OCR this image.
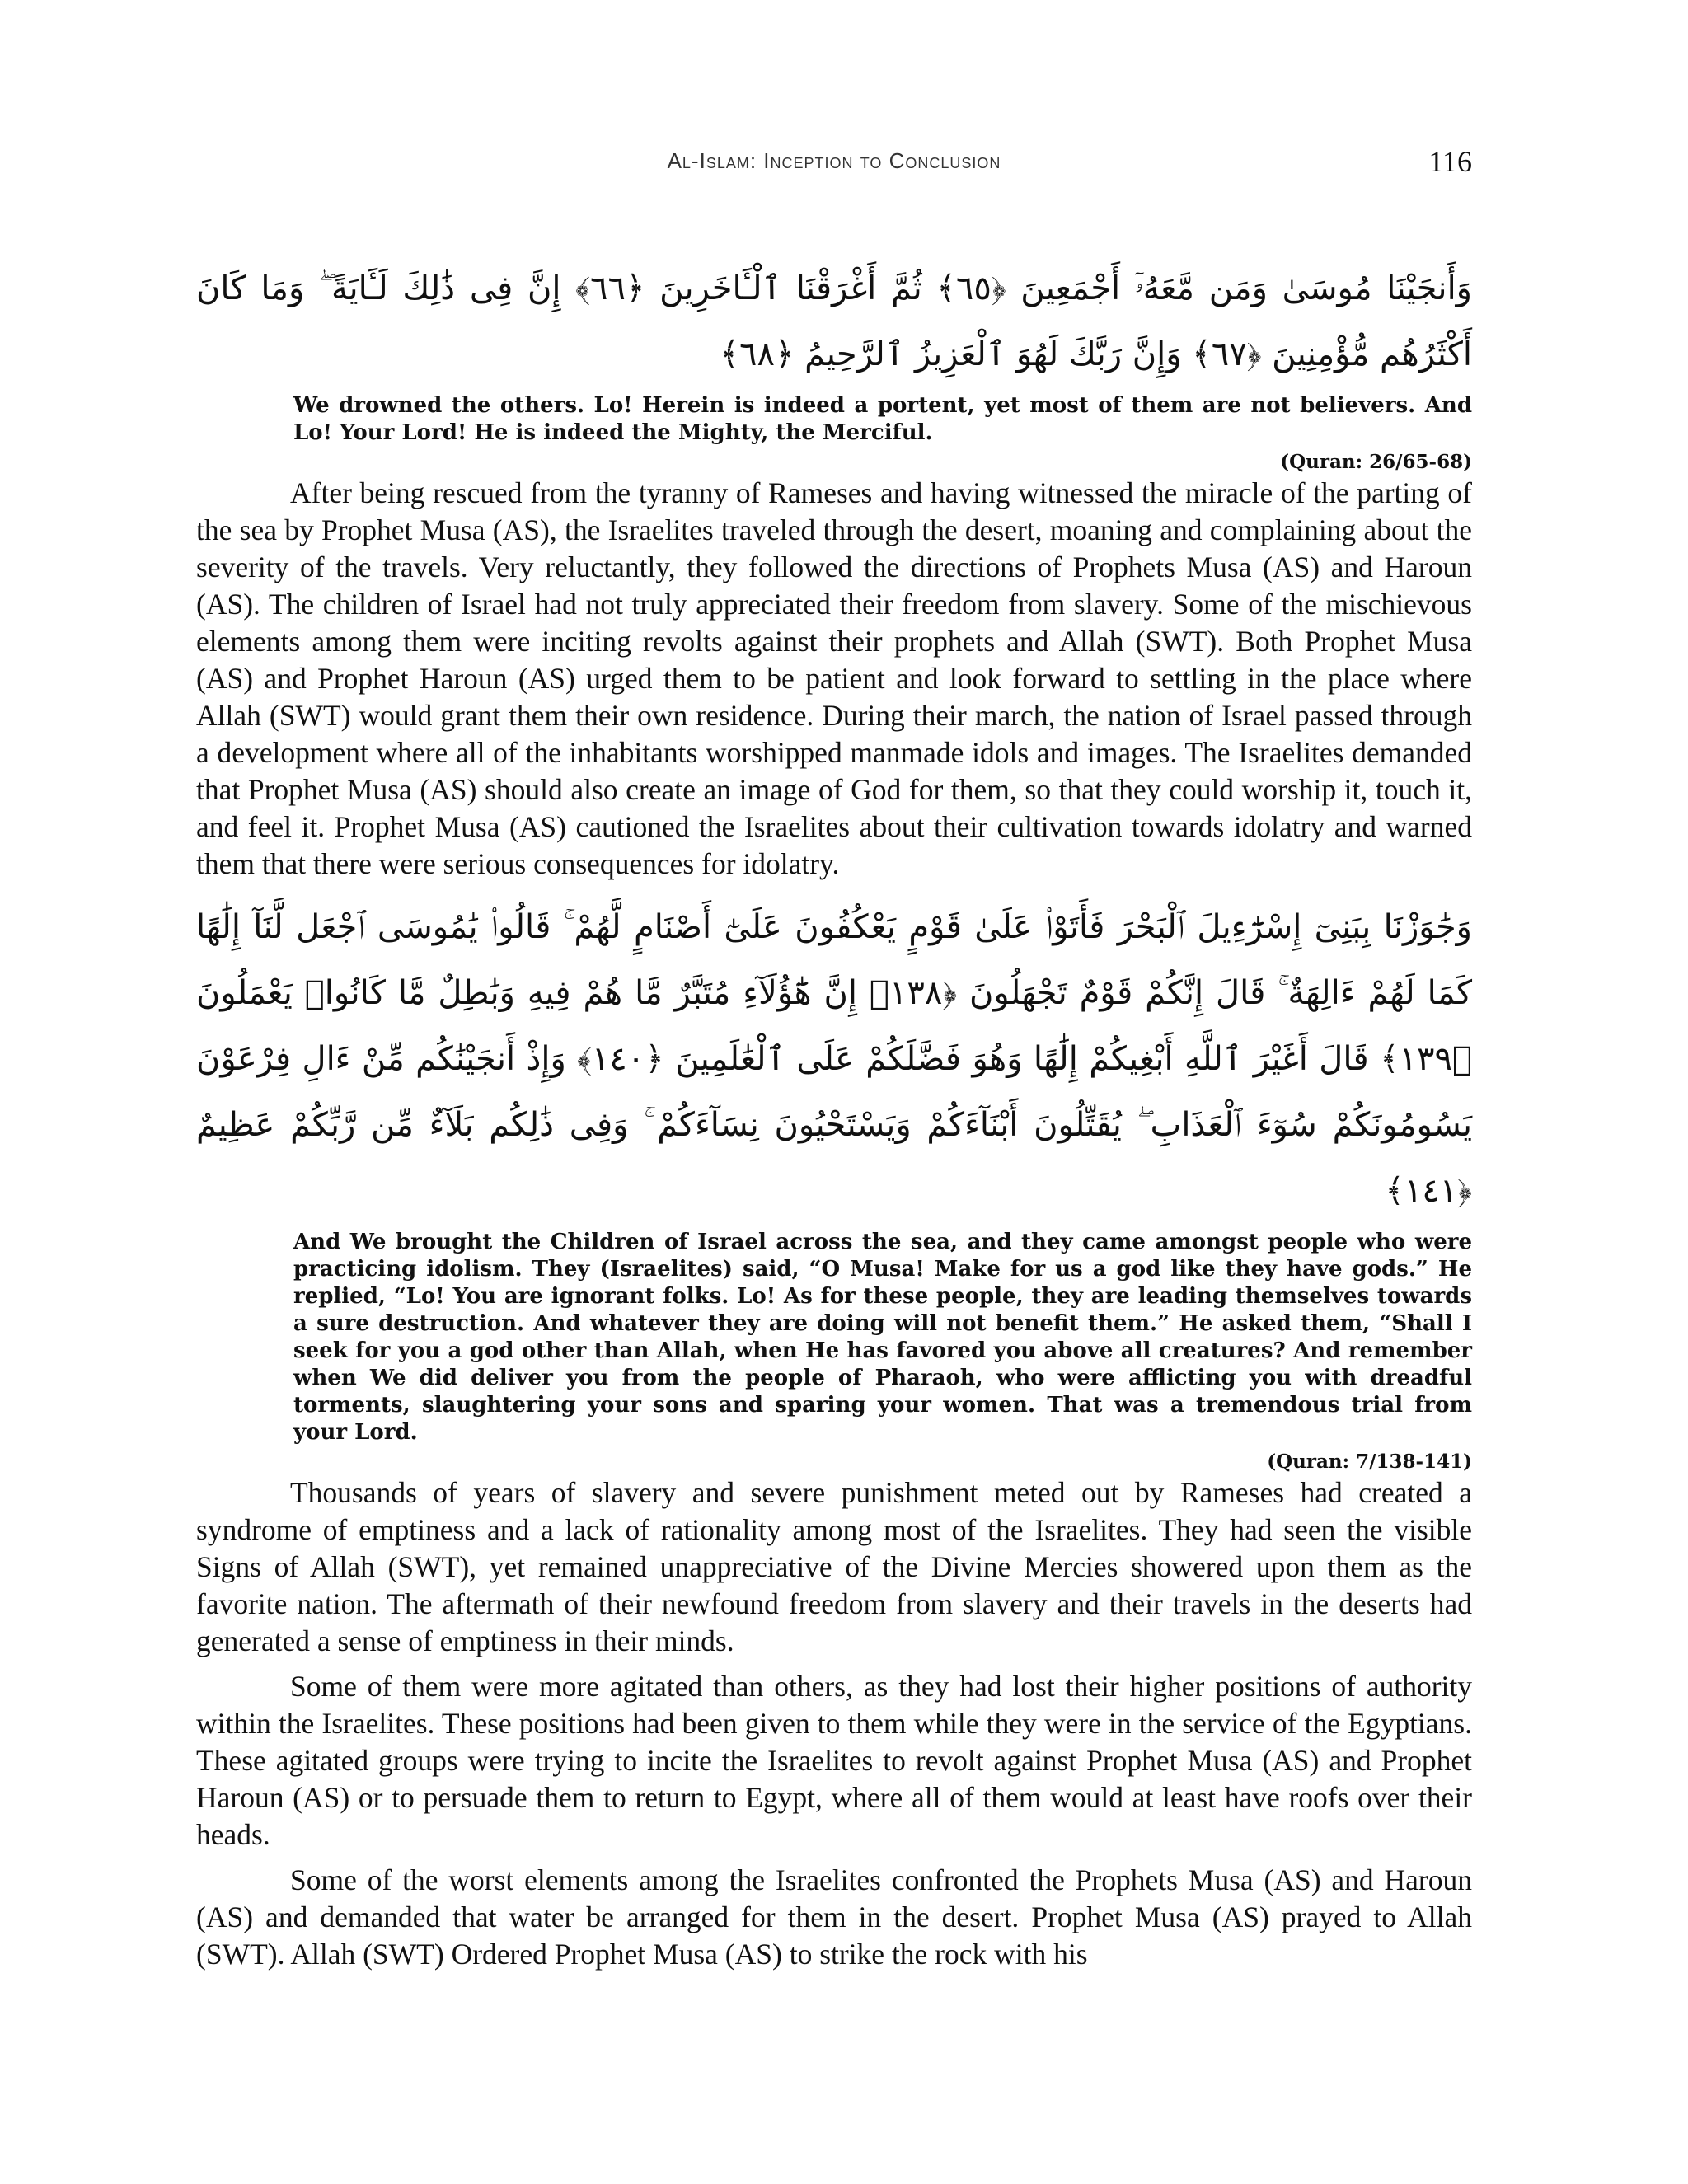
Al-Islam: Inception to Conclusion	116
وَأَنجَيْنَا مُوسَىٰ وَمَن مَّعَهُۥٓ أَجْمَعِينَ ﴿٦٥﴾ ثُمَّ أَغْرَقْنَا ٱلْـَٔاخَرِينَ ﴿٦٦﴾ إِنَّ فِى ذَٰلِكَ لَـَٔايَةً ۖ وَمَا كَانَ أَكْثَرُهُم مُّؤْمِنِينَ ﴿٦٧﴾ وَإِنَّ رَبَّكَ لَهُوَ ٱلْعَزِيزُ ٱلرَّحِيمُ ﴿٦٨﴾
We drowned the others. Lo! Herein is indeed a portent, yet most of them are not believers. And Lo! Your Lord! He is indeed the Mighty, the Merciful.
(Quran: 26/65-68)

After being rescued from the tyranny of Rameses and having witnessed the miracle of the parting of the sea by Prophet Musa (AS), the Israelites traveled through the desert, moaning and complaining about the severity of the travels. Very reluctantly, they followed the directions of Prophets Musa (AS) and Haroun (AS). The children of Israel had not truly appreciated their freedom from slavery. Some of the mischievous elements among them were inciting revolts against their prophets and Allah (SWT). Both Prophet Musa (AS) and Prophet Haroun (AS) urged them to be patient and look forward to settling in the place where Allah (SWT) would grant them their own residence. During their march, the nation of Israel passed through a development where all of the inhabitants worshipped manmade idols and images. The Israelites demanded that Prophet Musa (AS) should also create an image of God for them, so that they could worship it, touch it, and feel it. Prophet Musa (AS) cautioned the Israelites about their cultivation towards idolatry and warned them that there were serious consequences for idolatry.

وَجَٰوَزْنَا بِبَنِىٓ إِسْرَٰٓءِيلَ ٱلْبَحْرَ فَأَتَوْا۟ عَلَىٰ قَوْمٍ يَعْكُفُونَ عَلَىٰٓ أَصْنَامٍ لَّهُمْ ۚ قَالُوا۟ يَٰمُوسَى ٱجْعَل لَّنَآ إِلَٰهًا كَمَا لَهُمْ ءَالِهَةٌ ۚ قَالَ إِنَّكُمْ قَوْمٌ تَجْهَلُونَ ﴿١٣٨﴾ إِنَّ هَٰٓؤُلَآءِ مُتَبَّرٌ مَّا هُمْ فِيهِ وَبَٰطِلٌ مَّا كَانُوا۟ يَعْمَلُونَ ﴿١٣٩﴾ قَالَ أَغَيْرَ ٱللَّهِ أَبْغِيكُمْ إِلَٰهًا وَهُوَ فَضَّلَكُمْ عَلَى ٱلْعَٰلَمِينَ ﴿١٤٠﴾ وَإِذْ أَنجَيْنَٰكُم مِّنْ ءَالِ فِرْعَوْنَ يَسُومُونَكُمْ سُوٓءَ ٱلْعَذَابِ ۖ يُقَتِّلُونَ أَبْنَآءَكُمْ وَيَسْتَحْيُونَ نِسَآءَكُمْ ۚ وَفِى ذَٰلِكُم بَلَآءٌ مِّن رَّبِّكُمْ عَظِيمٌ ﴿١٤١﴾
And We brought the Children of Israel across the sea, and they came amongst people who were practicing idolism. They (Israelites) said, “O Musa! Make for us a god like they have gods.” He replied, “Lo! You are ignorant folks. Lo! As for these people, they are leading themselves towards a sure destruction. And whatever they are doing will not benefit them.” He asked them, “Shall I seek for you a god other than Allah, when He has favored you above all creatures? And remember when We did deliver you from the people of Pharaoh, who were afflicting you with dreadful torments, slaughtering your sons and sparing your women. That was a tremendous trial from your Lord.
(Quran: 7/138-141)

Thousands of years of slavery and severe punishment meted out by Rameses had created a syndrome of emptiness and a lack of rationality among most of the Israelites. They had seen the visible Signs of Allah (SWT), yet remained unappreciative of the Divine Mercies showered upon them as the favorite nation. The aftermath of their newfound freedom from slavery and their travels in the deserts had generated a sense of emptiness in their minds.

Some of them were more agitated than others, as they had lost their higher positions of authority within the Israelites. These positions had been given to them while they were in the service of the Egyptians. These agitated groups were trying to incite the Israelites to revolt against Prophet Musa (AS) and Prophet Haroun (AS) or to persuade them to return to Egypt, where all of them would at least have roofs over their heads.

Some of the worst elements among the Israelites confronted the Prophets Musa (AS) and Haroun (AS) and demanded that water be arranged for them in the desert. Prophet Musa (AS) prayed to Allah (SWT). Allah (SWT) Ordered Prophet Musa (AS) to strike the rock with his
